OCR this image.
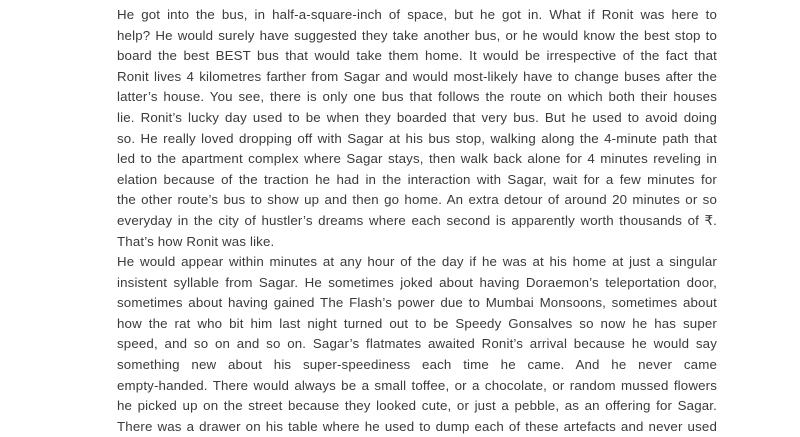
He got into the bus, in half-a-square-inch of space, but he got in. What if Ronit was here to
help? He would surely have suggested they take another bus, or he would know the best stop to
board the best BEST bus that would take them home. It would be irrespective of the fact that
Ronit lives 4 kilometres farther from Sagar and would most-likely have to change buses after the
latter’s house. You see, there is only one bus that follows the route on which both their houses
lie. Ronit’s lucky day used to be when they boarded that very bus. But he used to avoid doing
so. He really loved dropping off with Sagar at his bus stop, walking along the 4-minute path that
led to the apartment complex where Sagar stays, then walk back alone for 4 minutes reveling in
elation because of the traction he had in the interaction with Sagar, wait for a few minutes for
the other route’s bus to show up and then go home. An extra detour of around 20 minutes or so
everyday in the city of hustler’s dreams where each second is apparently worth thousands of ₹.
That’s how Ronit was like.
He would appear within minutes at any hour of the day if he was at his home at just a singular
insistent syllable from Sagar. He sometimes joked about having Doraemon’s teleportation door,
sometimes about having gained The Flash’s power due to Mumbai Monsoons, sometimes about
how the rat who bit him last night turned out to be Speedy Gonsalves so now he has super
speed, and so on and so on. Sagar’s flatmates awaited Ronit’s arrival because he would say
something new about his super-speediness each time he came. And he never came
empty-handed. There would always be a small toffee, or a chocolate, or random mussed flowers
he picked up on the street because they looked cute, or just a pebble, as an offering for Sagar.
There was a drawer on his table where he used to dump each of these artefacts and never used
